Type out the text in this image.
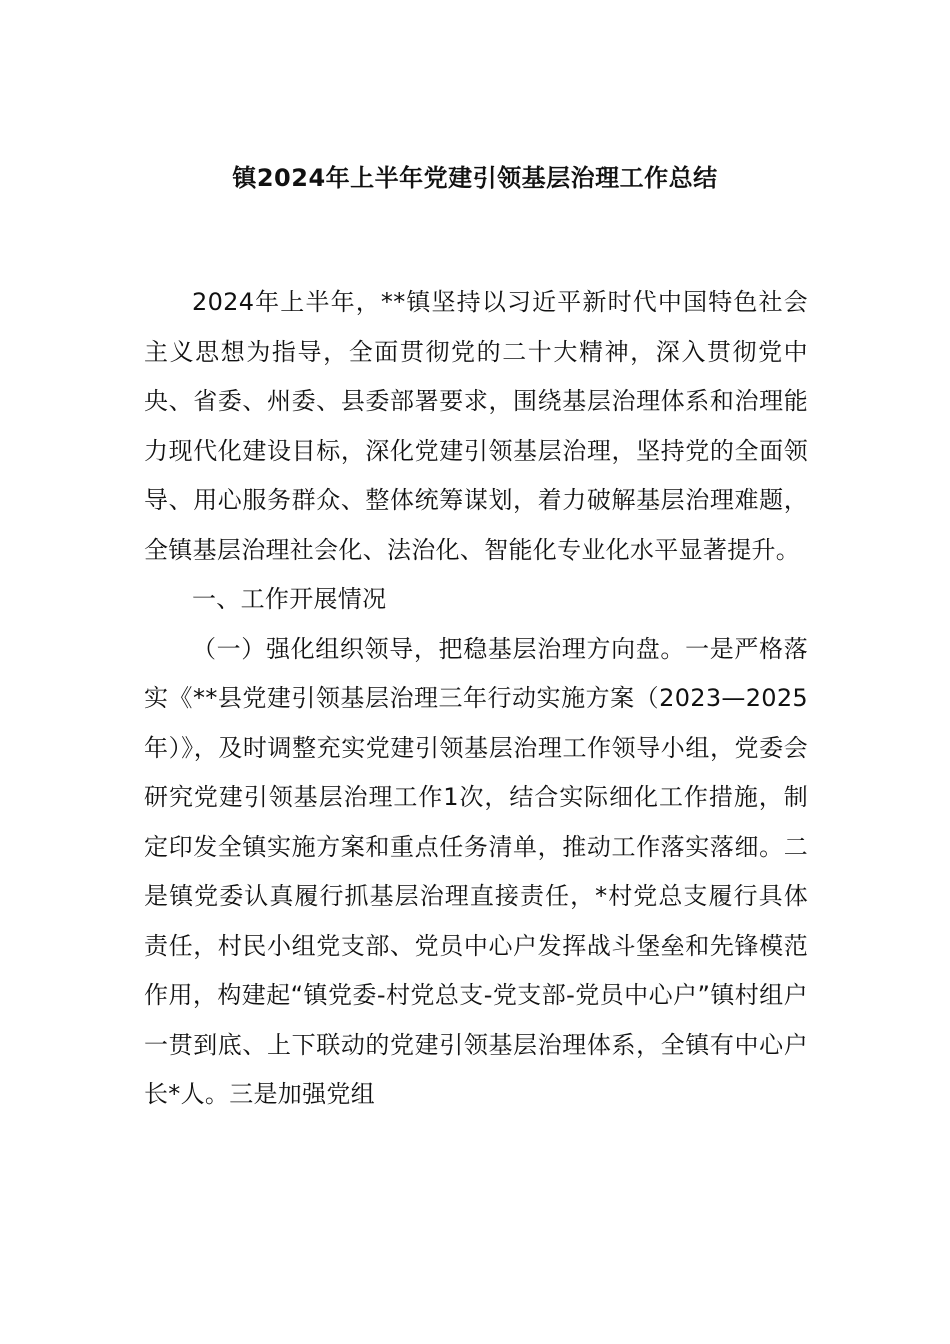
镇2024年上半年党建引领基层治理工作总结

2024年上半年，**镇坚持以习近平新时代中国特色社会主义思想为指导，全面贯彻党的二十大精神，深入贯彻党中央、省委、州委、县委部署要求，围绕基层治理体系和治理能力现代化建设目标，深化党建引领基层治理，坚持党的全面领导、用心服务群众、整体统筹谋划，着力破解基层治理难题，全镇基层治理社会化、法治化、智能化专业化水平显著提升。

一、工作开展情况

（一）强化组织领导，把稳基层治理方向盘。一是严格落实《**县党建引领基层治理三年行动实施方案（2023—2025年）》，及时调整充实党建引领基层治理工作领导小组，党委会研究党建引领基层治理工作1次，结合实际细化工作措施，制定印发全镇实施方案和重点任务清单，推动工作落实落细。二是镇党委认真履行抓基层治理直接责任，*村党总支履行具体责任，村民小组党支部、党员中心户发挥战斗堡垒和先锋模范作用，构建起“镇党委-村党总支-党支部-党员中心户”镇村组户一贯到底、上下联动的党建引领基层治理体系，全镇有中心户长*人。三是加强党组
